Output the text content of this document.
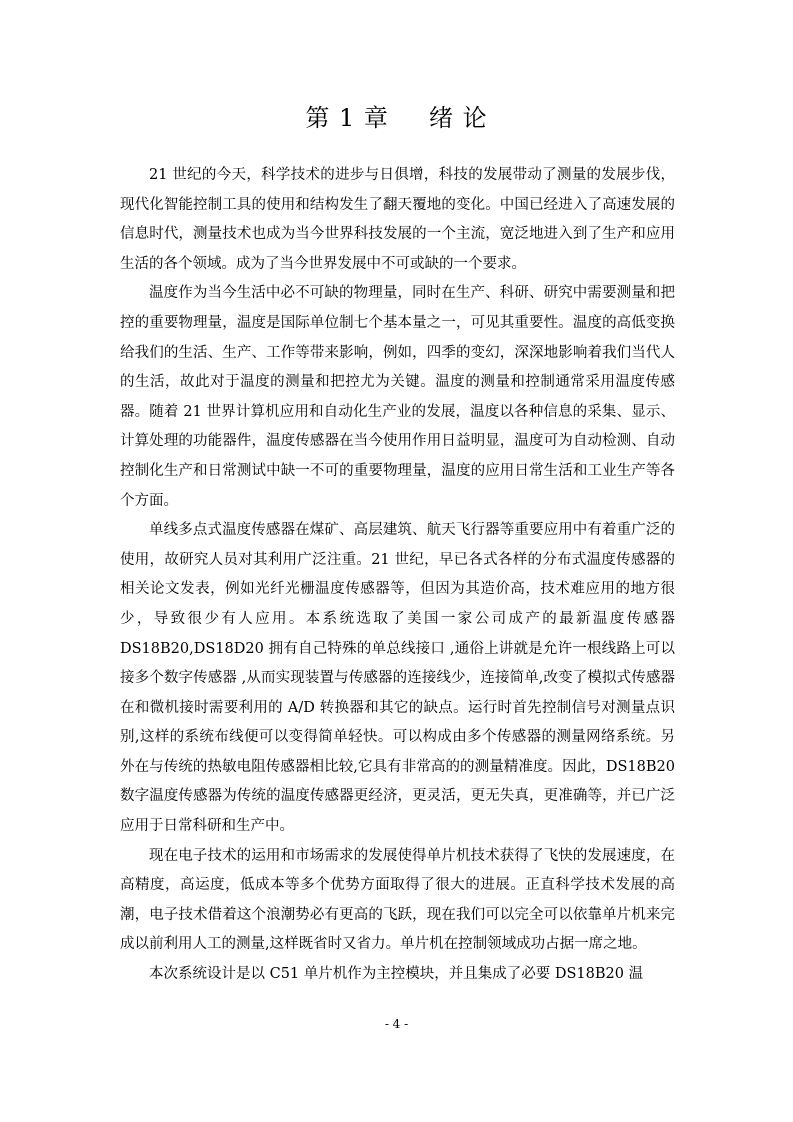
第 1 章 绪 论

21 世纪的今天，科学技术的进步与日俱增，科技的发展带动了测量的发展步伐，现代化智能控制工具的使用和结构发生了翻天覆地的变化。中国已经进入了高速发展的信息时代，测量技术也成为当今世界科技发展的一个主流，宽泛地进入到了生产和应用生活的各个领域。成为了当今世界发展中不可或缺的一个要求。

温度作为当今生活中必不可缺的物理量，同时在生产、科研、研究中需要测量和把控的重要物理量，温度是国际单位制七个基本量之一，可见其重要性。温度的高低变换给我们的生活、生产、工作等带来影响，例如，四季的变幻，深深地影响着我们当代人的生活，故此对于温度的测量和把控尤为关键。温度的测量和控制通常采用温度传感器。随着 21 世界计算机应用和自动化生产业的发展，温度以各种信息的采集、显示、计算处理的功能器件，温度传感器在当今使用作用日益明显，温度可为自动检测、自动控制化生产和日常测试中缺一不可的重要物理量，温度的应用日常生活和工业生产等各个方面。

单线多点式温度传感器在煤矿、高层建筑、航天飞行器等重要应用中有着重广泛的使用，故研究人员对其利用广泛注重。21 世纪，早已各式各样的分布式温度传感器的相关论文发表，例如光纤光栅温度传感器等，但因为其造价高，技术难应用的地方很少，导致很少有人应用。本系统选取了美国一家公司成产的最新温度传感器 DS18B20,DS18D20 拥有自己特殊的单总线接口 ,通俗上讲就是允许一根线路上可以接多个数字传感器 ,从而实现装置与传感器的连接线少，连接简单,改变了模拟式传感器在和微机接时需要利用的 A/D 转换器和其它的缺点。运行时首先控制信号对测量点识别,这样的系统布线便可以变得简单轻快。可以构成由多个传感器的测量网络系统。另外在与传统的热敏电阻传感器相比较,它具有非常高的的测量精准度。因此，DS18B20 数字温度传感器为传统的温度传感器更经济，更灵活，更无失真，更准确等，并已广泛应用于日常科研和生产中。

现在电子技术的运用和市场需求的发展使得单片机技术获得了飞快的发展速度，在高精度，高运度，低成本等多个优势方面取得了很大的进展。正直科学技术发展的高潮，电子技术借着这个浪潮势必有更高的飞跃，现在我们可以完全可以依靠单片机来完成以前利用人工的测量,这样既省时又省力。单片机在控制领域成功占据一席之地。

本次系统设计是以 C51 单片机作为主控模块，并且集成了必要 DS18B20 温

- 4 -
